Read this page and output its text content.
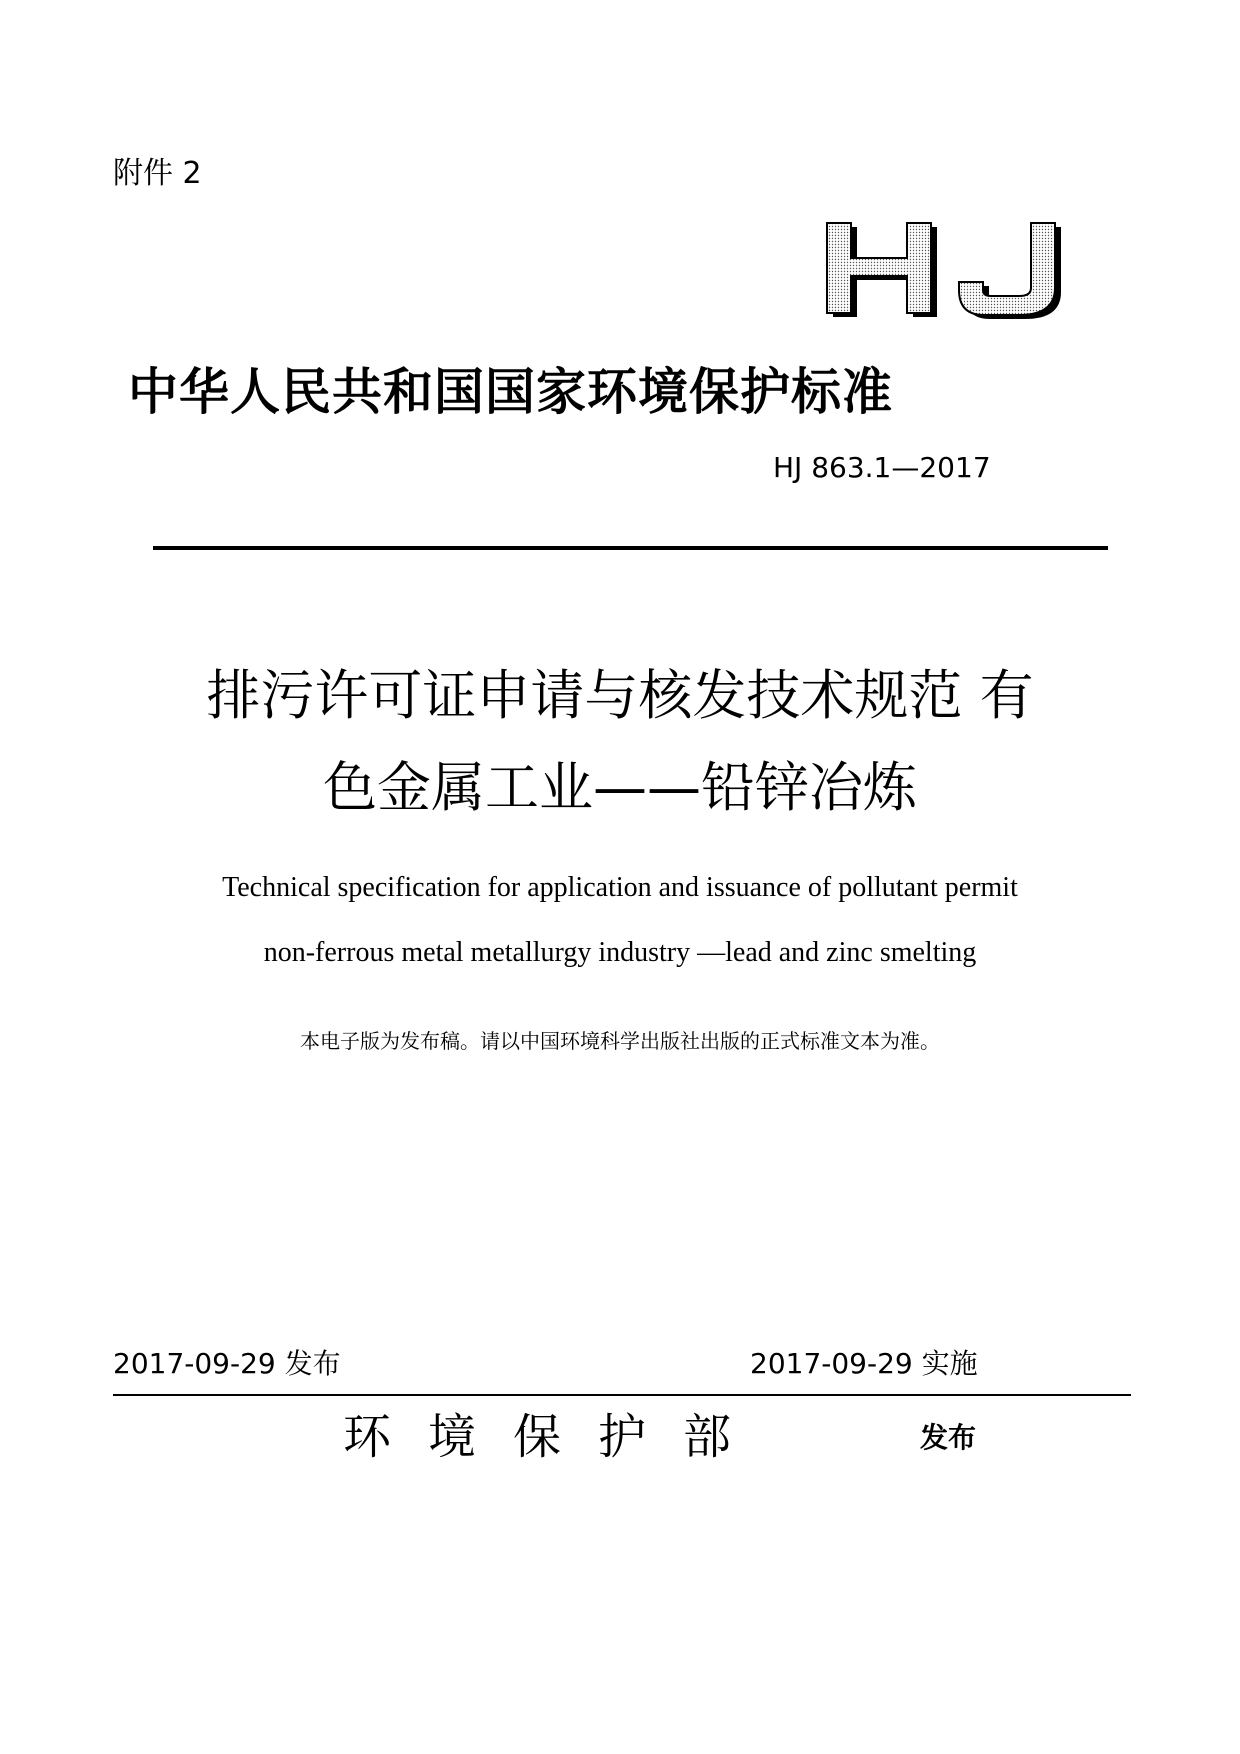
附件 2
中华人民共和国国家环境保护标准
HJ 863.1—2017
排污许可证申请与核发技术规范 有
色金属工业——铅锌冶炼
Technical specification for application and issuance of pollutant permit
non-ferrous metal metallurgy industry —lead and zinc smelting
本电子版为发布稿。请以中国环境科学出版社出版的正式标准文本为准。
2017-09-29 发布	2017-09-29 实施
环境保护部	发布
